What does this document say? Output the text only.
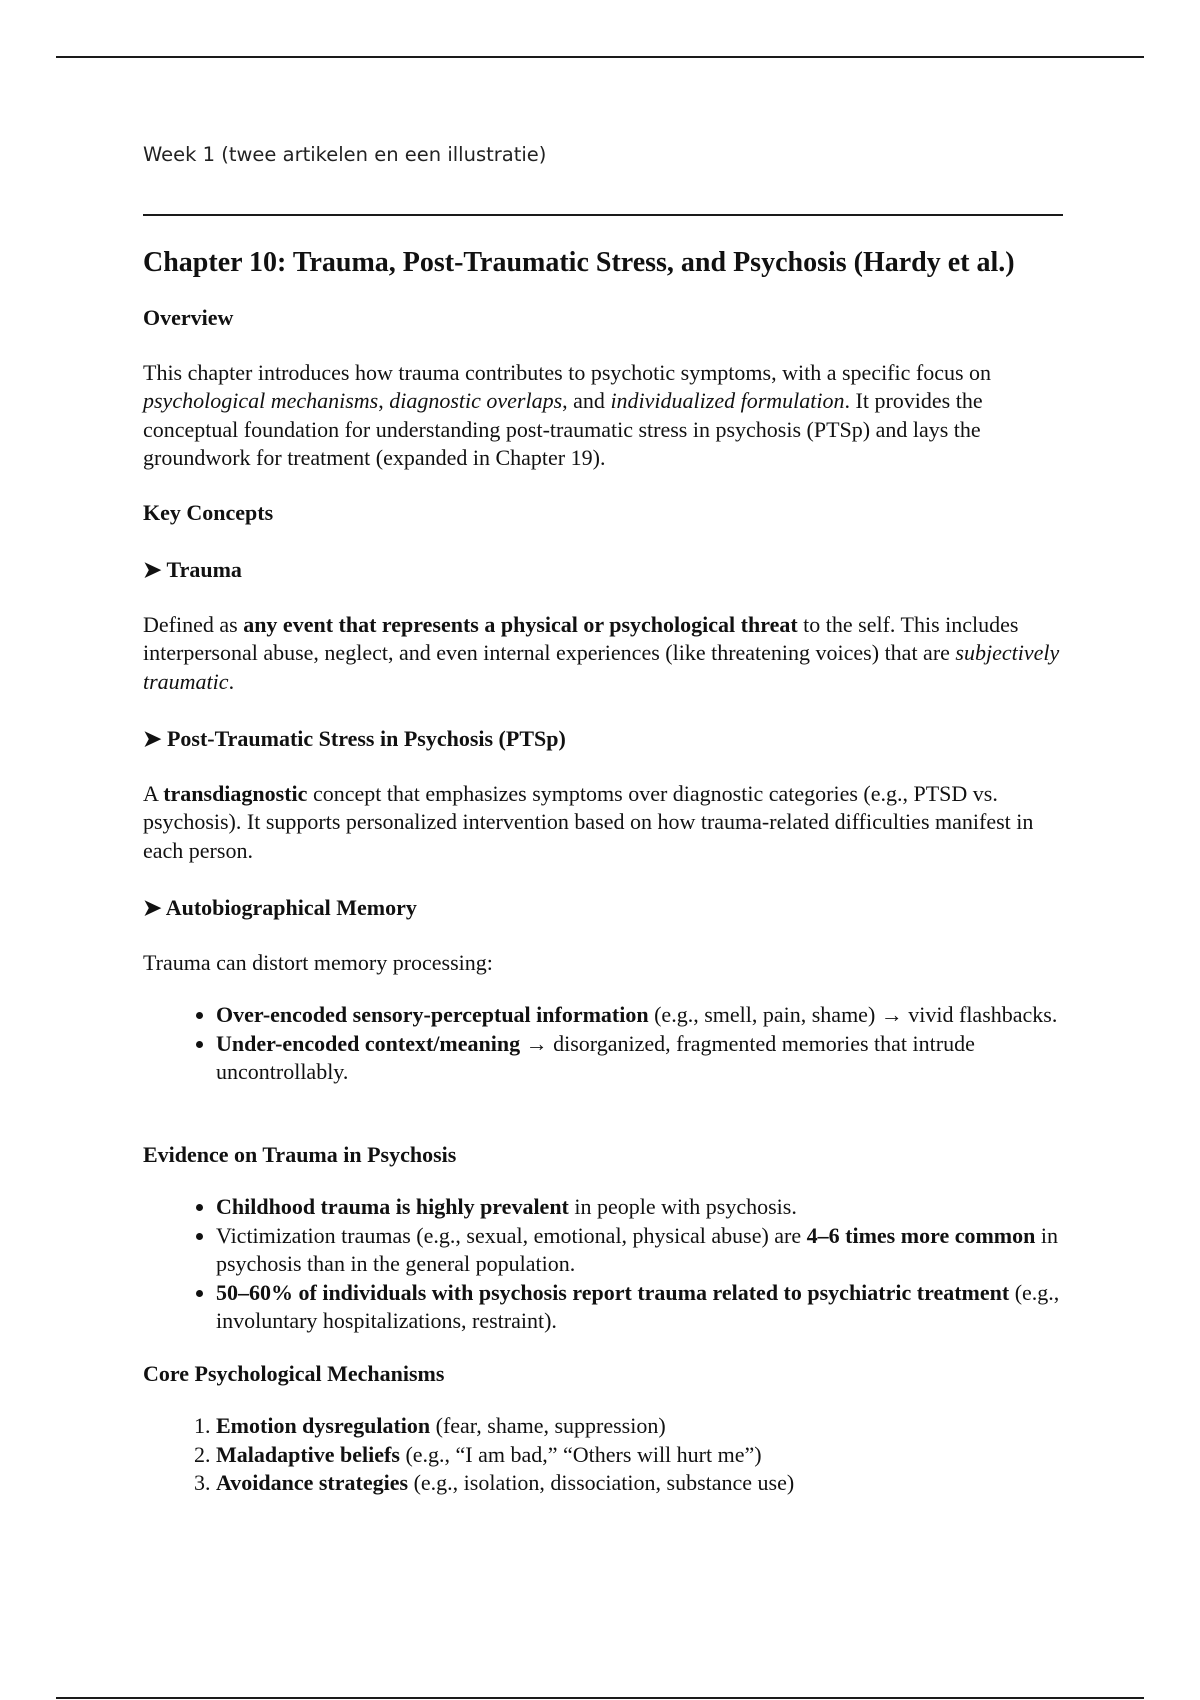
Week 1 (twee artikelen en een illustratie)

Chapter 10: Trauma, Post-Traumatic Stress, and Psychosis (Hardy et al.)
Overview

This chapter introduces how trauma contributes to psychotic symptoms, with a specific focus on psychological mechanisms, diagnostic overlaps, and individualized formulation. It provides the conceptual foundation for understanding post-traumatic stress in psychosis (PTSp) and lays the groundwork for treatment (expanded in Chapter 19).

Key Concepts
➤ Trauma

Defined as any event that represents a physical or psychological threat to the self. This includes interpersonal abuse, neglect, and even internal experiences (like threatening voices) that are subjectively traumatic.

➤ Post-Traumatic Stress in Psychosis (PTSp)

A transdiagnostic concept that emphasizes symptoms over diagnostic categories (e.g., PTSD vs. psychosis). It supports personalized intervention based on how trauma-related difficulties manifest in each person.

➤ Autobiographical Memory

Trauma can distort memory processing:

• Over-encoded sensory-perceptual information (e.g., smell, pain, shame) → vivid flashbacks.
• Under-encoded context/meaning → disorganized, fragmented memories that intrude uncontrollably.
Evidence on Trauma in Psychosis
• Childhood trauma is highly prevalent in people with psychosis.
• Victimization traumas (e.g., sexual, emotional, physical abuse) are 4–6 times more common in psychosis than in the general population.
• 50–60% of individuals with psychosis report trauma related to psychiatric treatment (e.g., involuntary hospitalizations, restraint).
Core Psychological Mechanisms
1. Emotion dysregulation (fear, shame, suppression)
2. Maladaptive beliefs (e.g., “I am bad,” “Others will hurt me”)
3. Avoidance strategies (e.g., isolation, dissociation, substance use)
